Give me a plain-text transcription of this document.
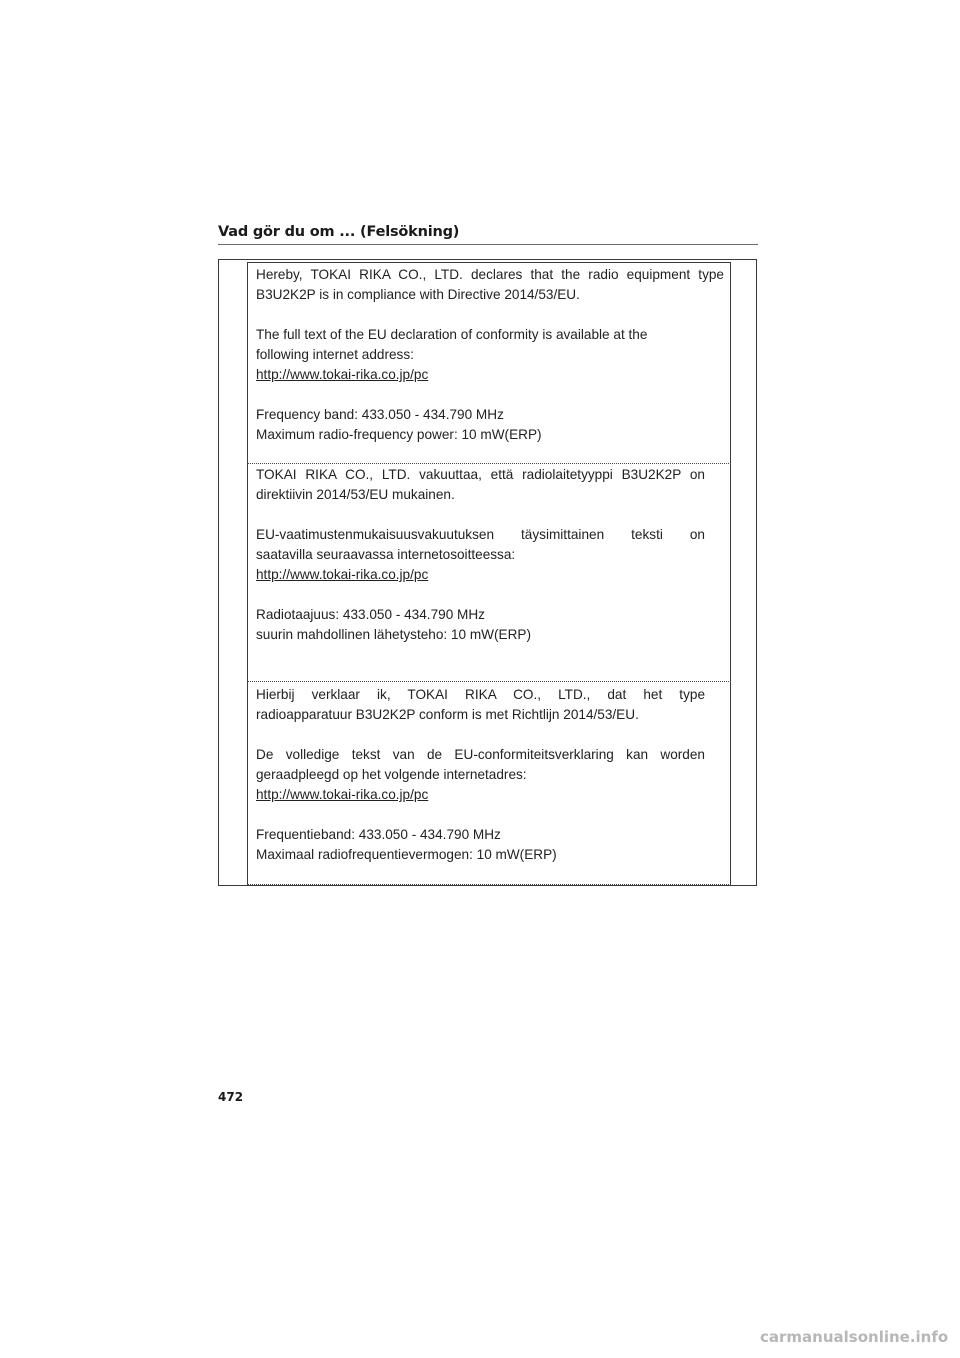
Vad gör du om ... (Felsökning)

Hereby, TOKAI RIKA CO., LTD. declares that the radio equipment type

B3U2K2P is in compliance with Directive 2014/53/EU.

The full text of the EU declaration of conformity is available at the

following internet address:

http://www.tokai-rika.co.jp/pc

Frequency band: 433.050 - 434.790 MHz

Maximum radio-frequency power: 10 mW(ERP)

TOKAI RIKA CO., LTD. vakuuttaa, että radiolaitetyyppi B3U2K2P on

direktiivin 2014/53/EU mukainen.

EU-vaatimustenmukaisuusvakuutuksen täysimittainen teksti on

saatavilla seuraavassa internetosoitteessa:

http://www.tokai-rika.co.jp/pc

Radiotaajuus: 433.050 - 434.790 MHz

suurin mahdollinen lähetysteho: 10 mW(ERP)

Hierbij verklaar ik, TOKAI RIKA CO., LTD., dat het type

radioapparatuur B3U2K2P conform is met Richtlijn 2014/53/EU.

De volledige tekst van de EU-conformiteitsverklaring kan worden

geraadpleegd op het volgende internetadres:

http://www.tokai-rika.co.jp/pc

Frequentieband: 433.050 - 434.790 MHz

Maximaal radiofrequentievermogen: 10 mW(ERP)

472
carmanualsonline.info
